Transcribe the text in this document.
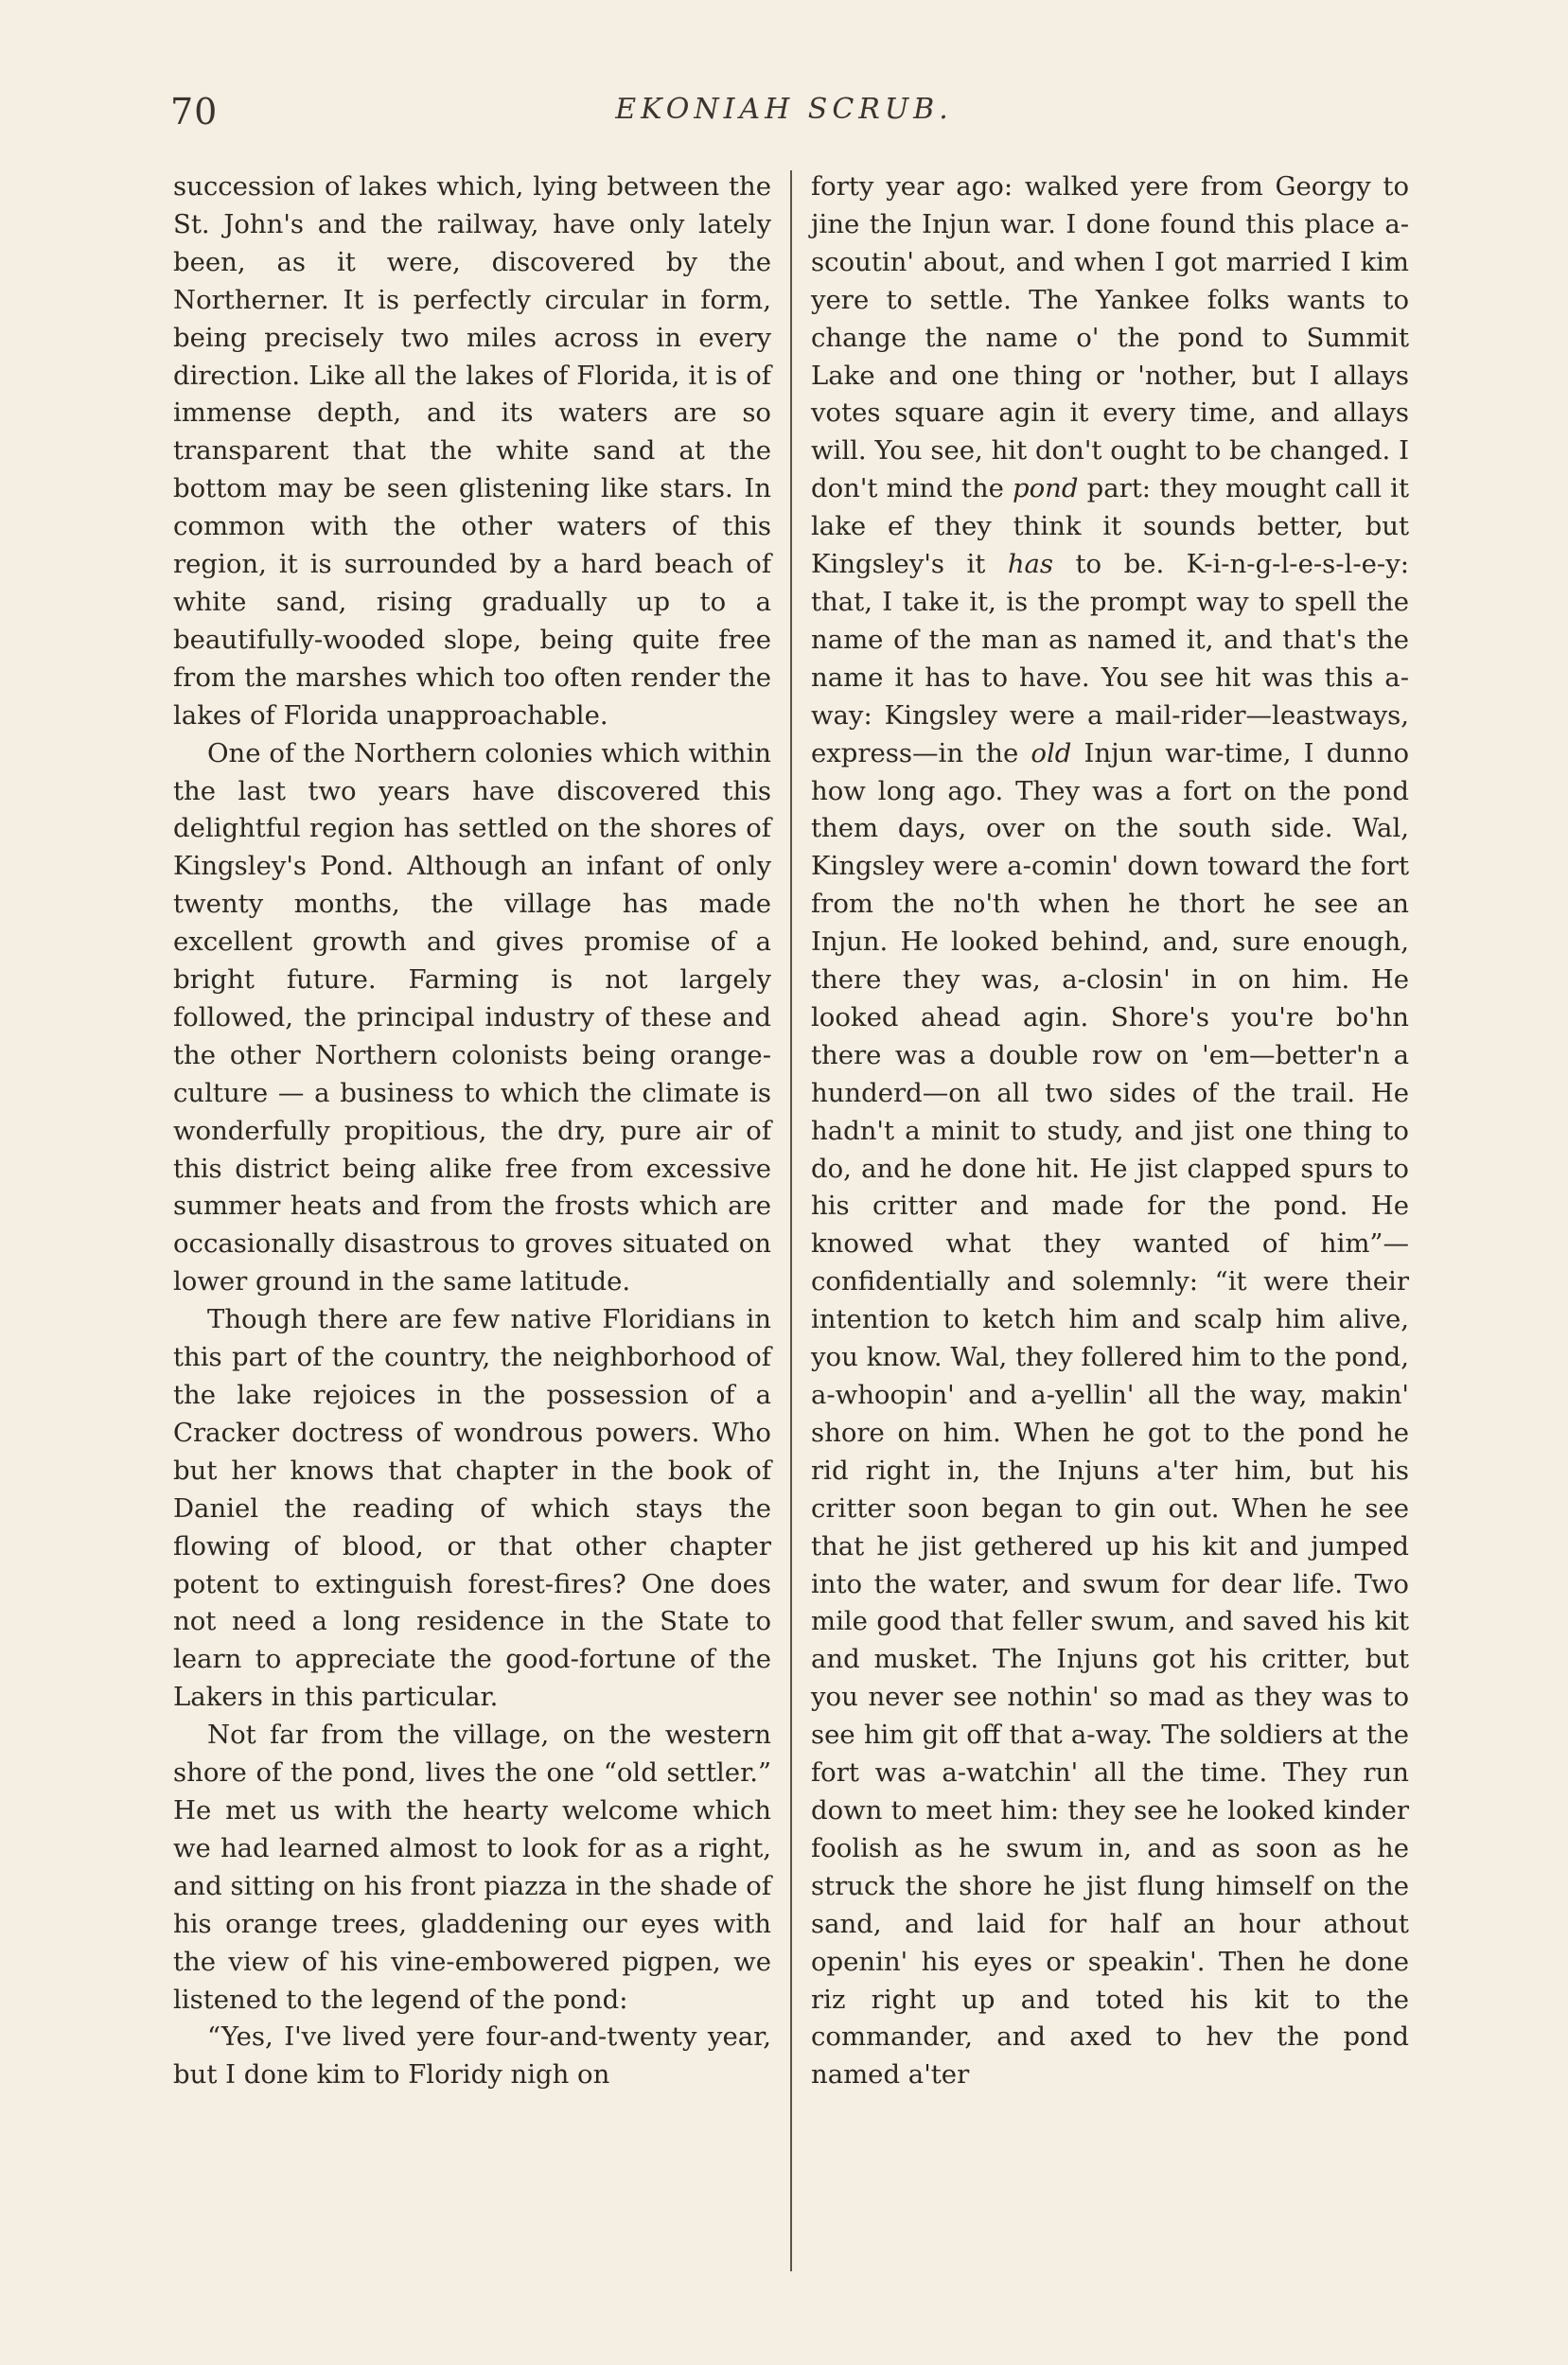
70	EKONIAH SCRUB.

succession of lakes which, lying between the St. John's and the railway, have only lately been, as it were, discovered by the Northerner. It is perfectly circular in form, being precisely two miles across in every direction. Like all the lakes of Florida, it is of immense depth, and its waters are so transparent that the white sand at the bottom may be seen glistening like stars. In common with the other waters of this region, it is surrounded by a hard beach of white sand, rising gradually up to a beautifully-wooded slope, being quite free from the marshes which too often render the lakes of Florida unapproachable.

One of the Northern colonies which within the last two years have discovered this delightful region has settled on the shores of Kingsley's Pond. Although an infant of only twenty months, the village has made excellent growth and gives promise of a bright future. Farming is not largely followed, the principal industry of these and the other Northern colonists being orange-culture — a business to which the climate is wonderfully propitious, the dry, pure air of this district being alike free from excessive summer heats and from the frosts which are occasionally disastrous to groves situated on lower ground in the same latitude.

Though there are few native Floridians in this part of the country, the neighborhood of the lake rejoices in the possession of a Cracker doctress of wondrous powers. Who but her knows that chapter in the book of Daniel the reading of which stays the flowing of blood, or that other chapter potent to extinguish forest-fires? One does not need a long residence in the State to learn to appreciate the good-fortune of the Lakers in this particular.

Not far from the village, on the western shore of the pond, lives the one “old settler.” He met us with the hearty welcome which we had learned almost to look for as a right, and sitting on his front piazza in the shade of his orange trees, gladdening our eyes with the view of his vine-embowered pigpen, we listened to the legend of the pond:

“Yes, I've lived yere four-and-twenty year, but I done kim to Floridy nigh on

forty year ago: walked yere from Georgy to jine the Injun war. I done found this place a-scoutin' about, and when I got married I kim yere to settle. The Yankee folks wants to change the name o' the pond to Summit Lake and one thing or 'nother, but I allays votes square agin it every time, and allays will. You see, hit don't ought to be changed. I don't mind the pond part: they mought call it lake ef they think it sounds better, but Kingsley's it has to be. K-i-n-g-l-e-s-l-e-y: that, I take it, is the prompt way to spell the name of the man as named it, and that's the name it has to have. You see hit was this a-way: Kingsley were a mail-rider—leastways, express—in the old Injun war-time, I dunno how long ago. They was a fort on the pond them days, over on the south side. Wal, Kingsley were a-comin' down toward the fort from the no'th when he thort he see an Injun. He looked behind, and, sure enough, there they was, a-closin' in on him. He looked ahead agin. Shore's you're bo'hn there was a double row on 'em—better'n a hunderd—on all two sides of the trail. He hadn't a minit to study, and jist one thing to do, and he done hit. He jist clapped spurs to his critter and made for the pond. He knowed what they wanted of him”—confidentially and solemnly: “it were their intention to ketch him and scalp him alive, you know. Wal, they follered him to the pond, a-whoopin' and a-yellin' all the way, makin' shore on him. When he got to the pond he rid right in, the Injuns a'ter him, but his critter soon began to gin out. When he see that he jist gethered up his kit and jumped into the water, and swum for dear life. Two mile good that feller swum, and saved his kit and musket. The Injuns got his critter, but you never see nothin' so mad as they was to see him git off that a-way. The soldiers at the fort was a-watchin' all the time. They run down to meet him: they see he looked kinder foolish as he swum in, and as soon as he struck the shore he jist flung himself on the sand, and laid for half an hour athout openin' his eyes or speakin'. Then he done riz right up and toted his kit to the commander, and axed to hev the pond named a'ter
